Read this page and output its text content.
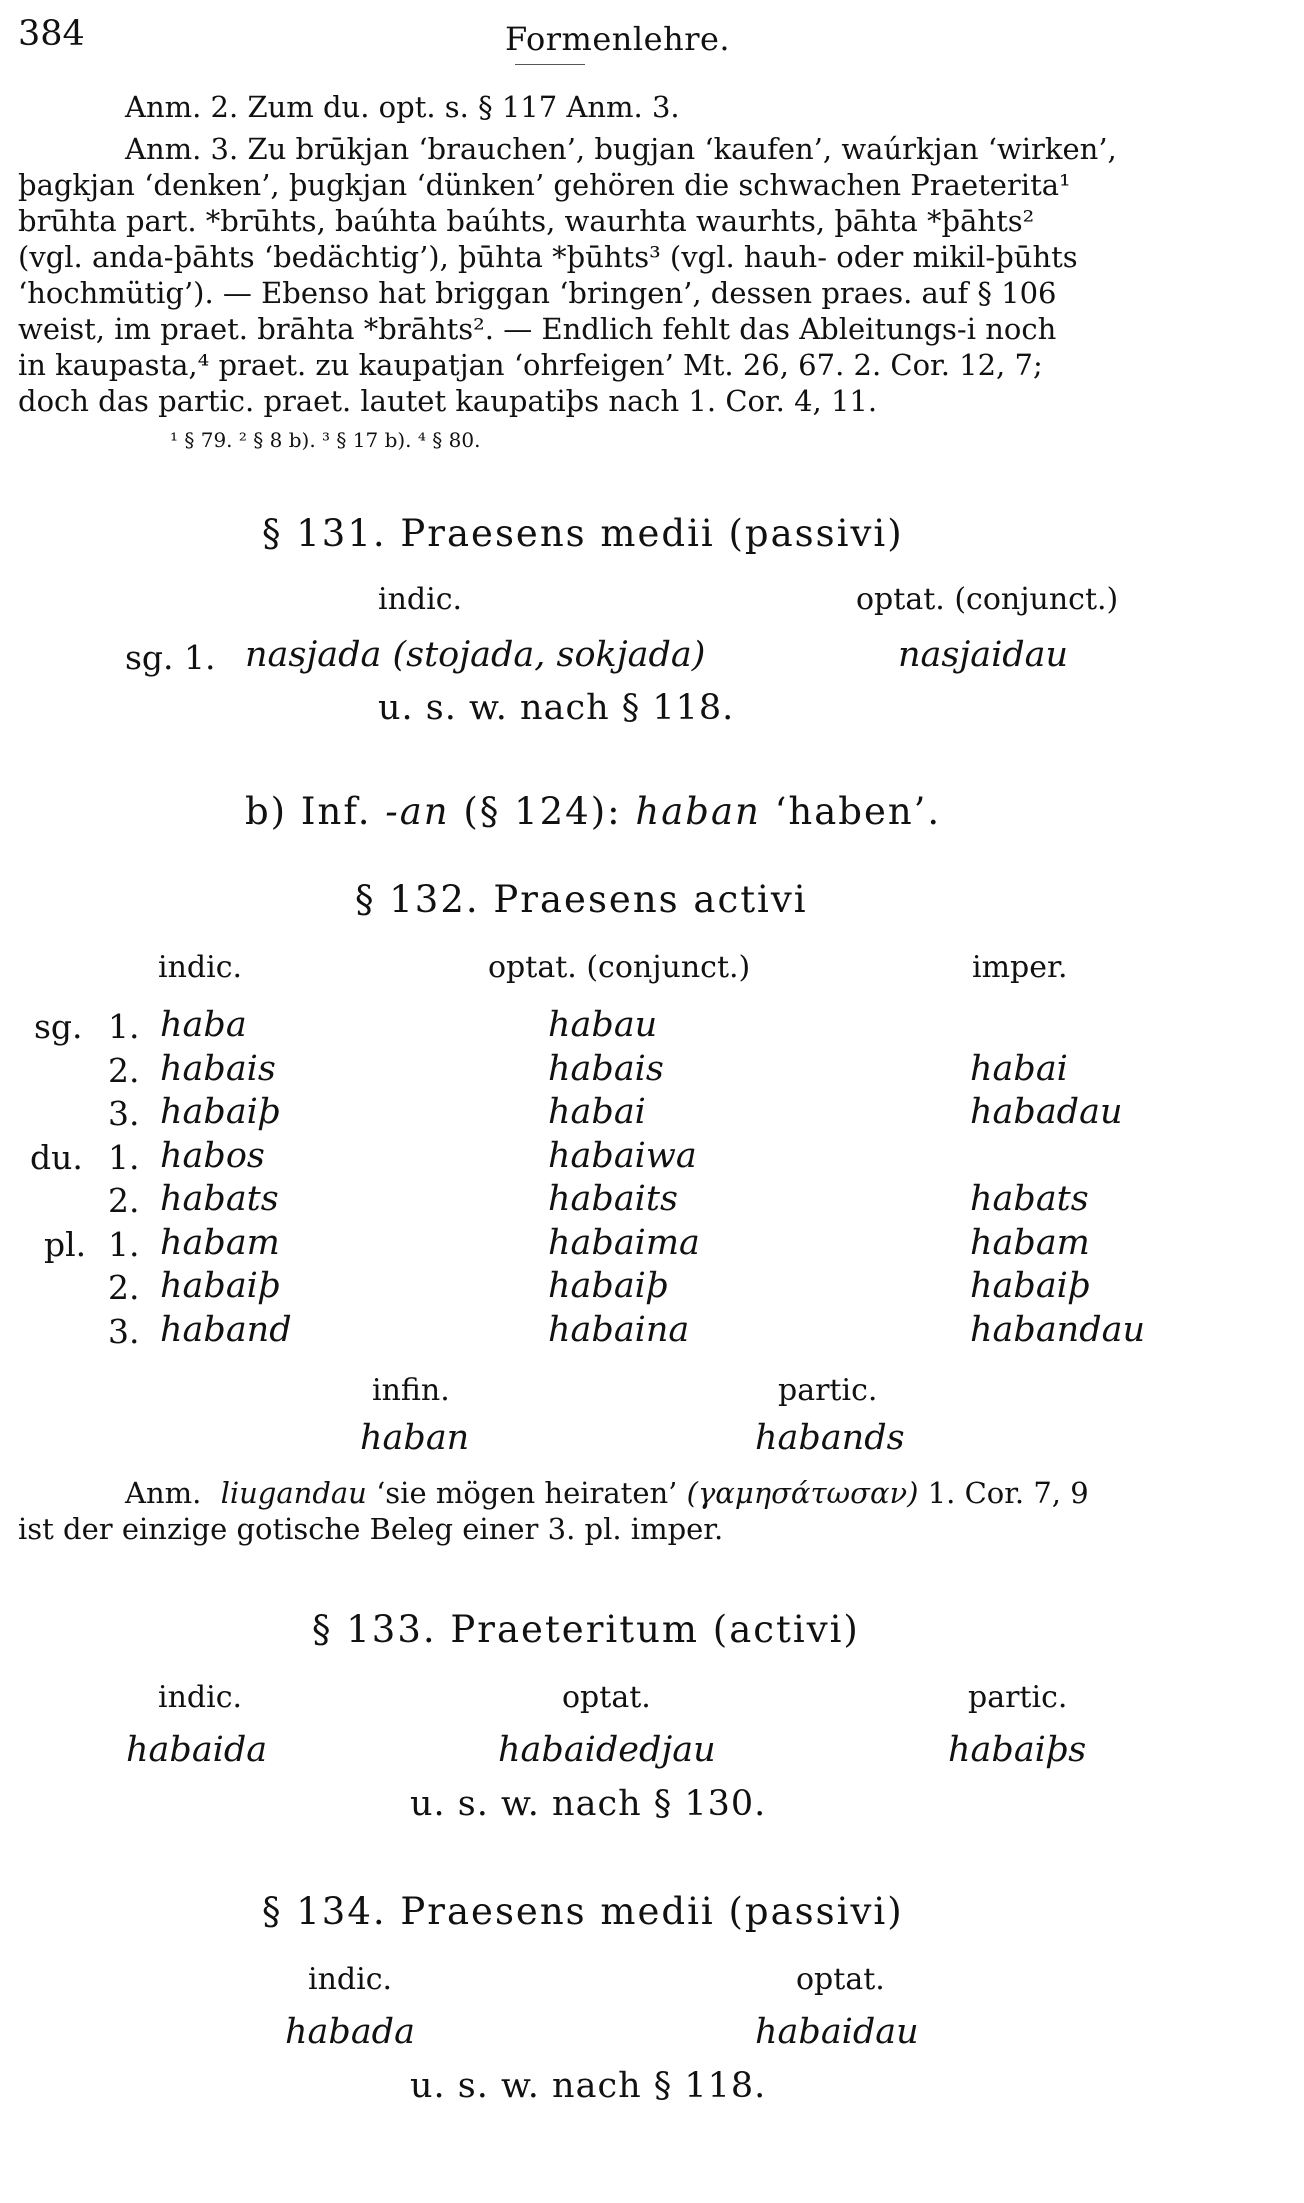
384	Formenlehre.
Anm. 2. Zum du. opt. s. § 117 Anm. 3.
Anm. 3. Zu brūkjan ‘brauchen’, bugjan ‘kaufen’, waúrkjan ‘wirken’,
þagkjan ‘denken’, þugkjan ‘dünken’ gehören die schwachen Praeterita¹
brūhta part. *brūhts, baúhta baúhts, waurhta waurhts, þāhta *þāhts²
(vgl. anda-þāhts ‘bedächtig’), þūhta *þūhts³ (vgl. hauh- oder mikil-þūhts
‘hochmütig’). — Ebenso hat briggan ‘bringen’, dessen praes. auf § 106
weist, im praet. brāhta *brāhts². — Endlich fehlt das Ableitungs-i noch
in kaupasta,⁴ praet. zu kaupatjan ‘ohrfeigen’ Mt. 26, 67. 2. Cor. 12, 7;
doch das partic. praet. lautet kaupatiþs nach 1. Cor. 4, 11.
¹ § 79. ² § 8 b). ³ § 17 b). ⁴ § 80.
§ 131. Praesens medii (passivi)
indic.	optat. (conjunct.)
sg. 1. nasjada (stojada, sokjada)	nasjaidau
u. s. w. nach § 118.
b) Inf. -an (§ 124): haban ‘haben’.
§ 132. Praesens activi
indic.	optat. (conjunct.)	imper.
sg. 1. haba	habau
2. habais	habais	habai
3. habaiþ	habai	habadau
du. 1. habos	habaiwa
2. habats	habaits	habats
pl. 1. habam	habaima	habam
2. habaiþ	habaiþ	habaiþ
3. haband	habaina	habandau
infin.	partic.
haban	habands
Anm. liugandau ‘sie mögen heiraten’ (γαμησάτωσαν) 1. Cor. 7, 9
ist der einzige gotische Beleg einer 3. pl. imper.
§ 133. Praeteritum (activi)
indic.	optat.	partic.
habaida	habaidedjau	habaiþs
u. s. w. nach § 130.
§ 134. Praesens medii (passivi)
indic.	optat.
habada	habaidau
u. s. w. nach § 118.
